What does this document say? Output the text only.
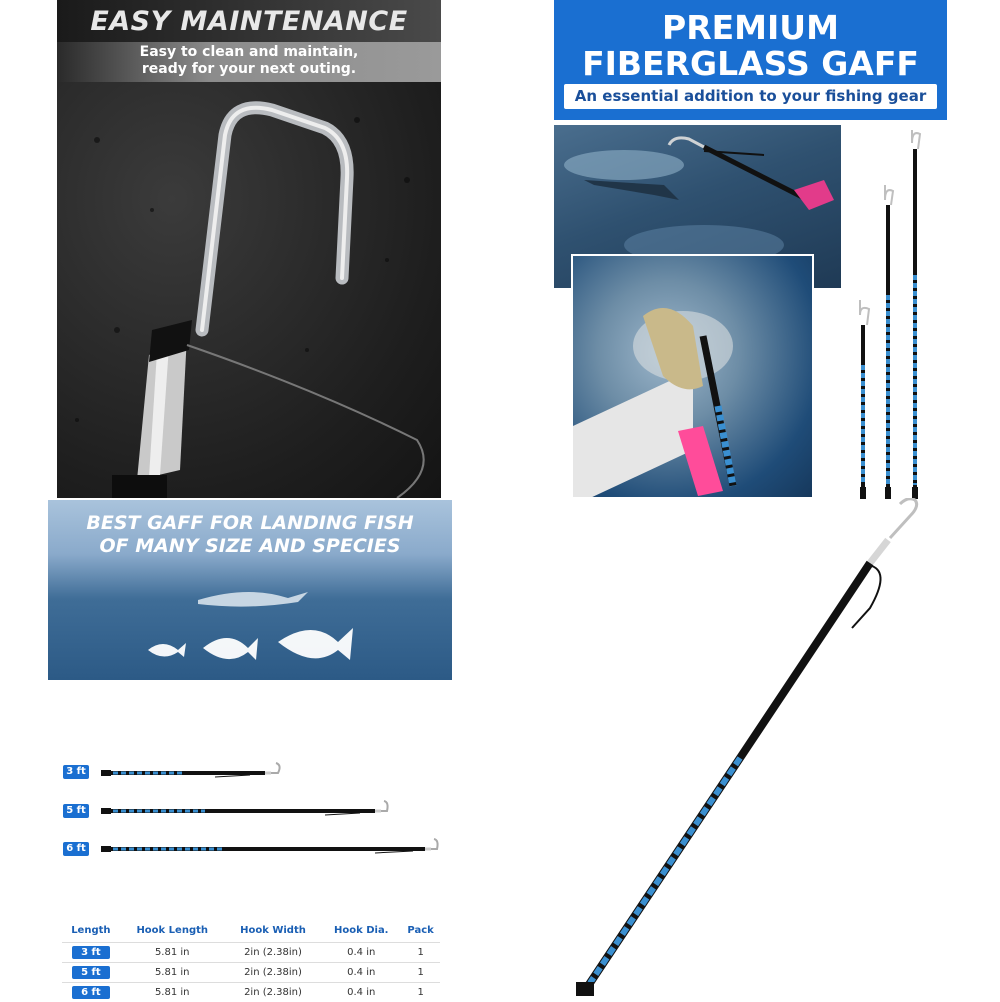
EASY MAINTENANCE
Easy to clean and maintain,
ready for your next outing.
PREMIUM
FIBERGLASS GAFF
An essential addition to your fishing gear
BEST GAFF FOR LANDING FISH
OF MANY SIZE AND SPECIES
3 ft
5 ft
6 ft
Length	Hook Length	Hook Width	Hook Dia.	Pack
3 ft	5.81 in	2in (2.38in)	0.4 in	1
5 ft	5.81 in	2in (2.38in)	0.4 in	1
6 ft	5.81 in	2in (2.38in)	0.4 in	1
